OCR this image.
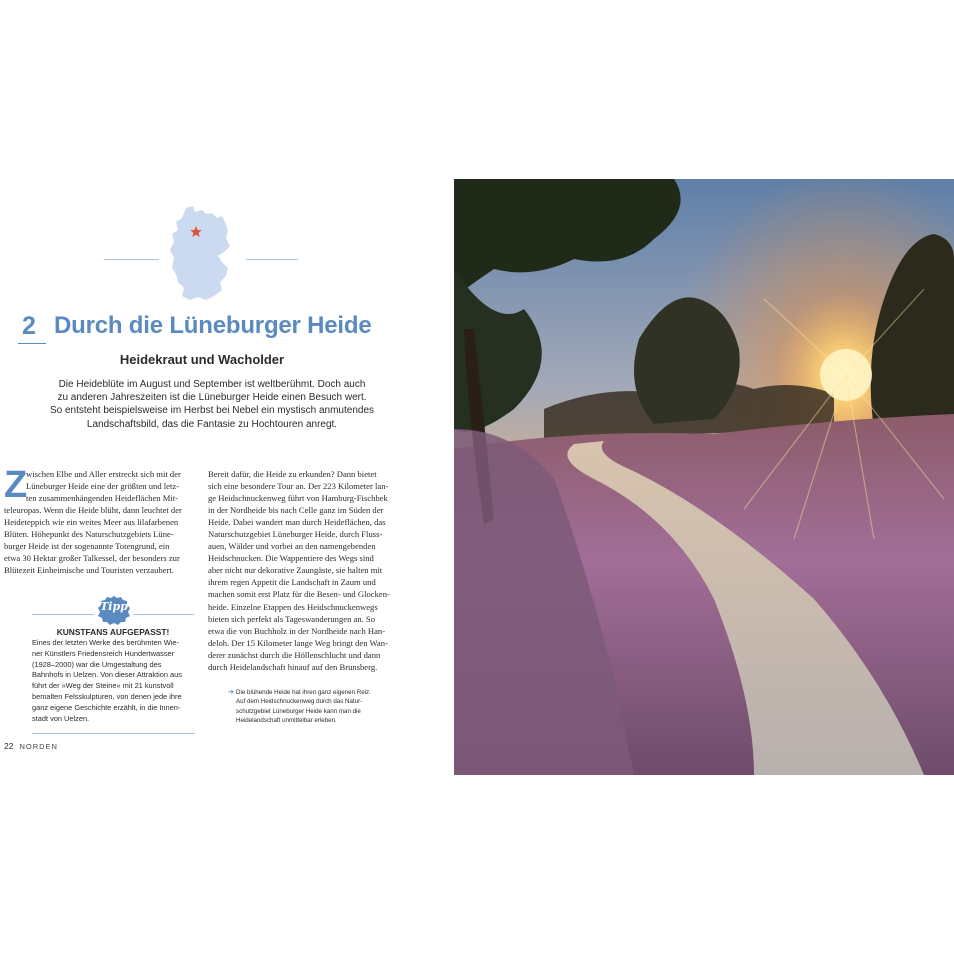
2 Durch die Lüneburger Heide
Heidekraut und Wacholder
Die Heideblüte im August und September ist weltberühmt. Doch auch
zu anderen Jahreszeiten ist die Lüneburger Heide einen Besuch wert.
So entsteht beispielsweise im Herbst bei Nebel ein mystisch anmutendes
Landschaftsbild, das die Fantasie zu Hochtouren anregt.
Z
wischen Elbe und Aller erstreckt sich mit der
Lüneburger Heide eine der größten und letz-
ten zusammenhängenden Heideflächen Mit-
teleuropas. Wenn die Heide blüht, dann leuchtet der
Heideteppich wie ein weites Meer aus lilafarbenen
Blüten. Höhepunkt des Naturschutzgebiets Lüne-
burger Heide ist der sogenannte Totengrund, ein
etwa 30 Hektar großer Talkessel, der besonders zur
Blütezeit Einheimische und Touristen verzaubert.
Bereit dafür, die Heide zu erkunden? Dann bietet
sich eine besondere Tour an. Der 223 Kilometer lan-
ge Heidschnuckenweg führt von Hamburg-Fischbek
in der Nordheide bis nach Celle ganz im Süden der
Heide. Dabei wandert man durch Heideflächen, das
Naturschutzgebiet Lüneburger Heide, durch Fluss-
auen, Wälder und vorbei an den namengebenden
Heidschnucken. Die Wappentiere des Wegs sind
aber nicht nur dekorative Zaungäste, sie halten mit
ihrem regen Appetit die Landschaft in Zaum und
machen somit erst Platz für die Besen- und Glocken-
heide. Einzelne Etappen des Heidschnuckenwegs
bieten sich perfekt als Tageswanderungen an. So
etwa die von Buchholz in der Nordheide nach Han-
deloh. Der 15 Kilometer lange Weg bringt den Wan-
derer zunächst durch die Höllenschlucht und dann
durch Heidelandschaft hinauf auf den Brunsberg.
Tipp
KUNSTFANS AUFGEPASST!
Eines der letzten Werke des berühmten Wie-
ner Künstlers Friedensreich Hundertwasser
(1928–2000) war die Umgestaltung des
Bahnhofs in Uelzen. Von dieser Attraktion aus
führt der »Weg der Steine« mit 21 kunstvoll
bemalten Felsskulpturen, von denen jede ihre
ganz eigene Geschichte erzählt, in die Innen-
stadt von Uelzen.
➔ Die blühende Heide hat ihren ganz eigenen Reiz.
Auf dem Heidschnuckenweg durch das Natur-
schutzgebiet Lüneburger Heide kann man die
Heidelandschaft unmittelbar erleben.
22 NORDEN
